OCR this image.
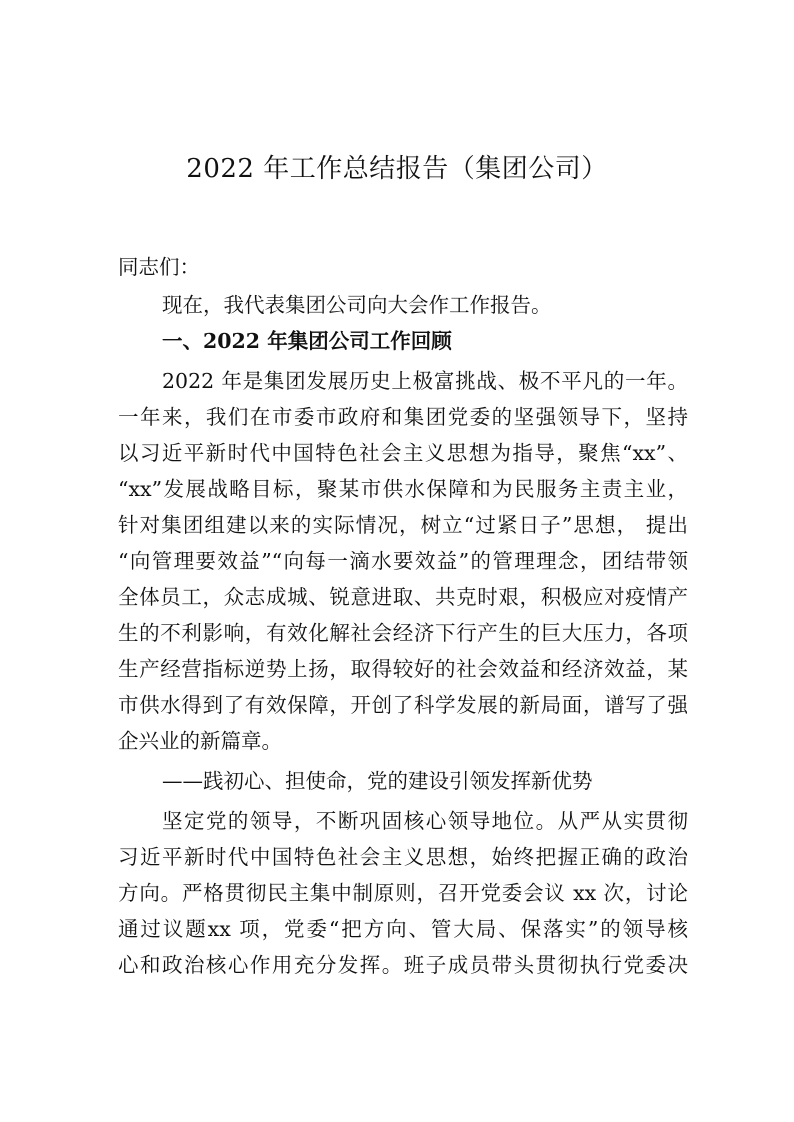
2022 年工作总结报告（集团公司）
同志们：
现在，我代表集团公司向大会作工作报告。
一、2022 年集团公司工作回顾
2022 年是集团发展历史上极富挑战、极不平凡的一年。
一年来，我们在市委市政府和集团党委的坚强领导下，坚持
以习近平新时代中国特色社会主义思想为指导，聚焦“xx”、
“xx”发展战略目标，聚某市供水保障和为民服务主责主业，
针对集团组建以来的实际情况，树立“过紧日子”思想， 提出
“向管理要效益”“向每一滴水要效益”的管理理念，团结带领
全体员工，众志成城、锐意进取、共克时艰，积极应对疫情产
生的不利影响，有效化解社会经济下行产生的巨大压力，各项
生产经营指标逆势上扬，取得较好的社会效益和经济效益，某
市供水得到了有效保障，开创了科学发展的新局面，谱写了强
企兴业的新篇章。
——践初心、担使命，党的建设引领发挥新优势
坚定党的领导，不断巩固核心领导地位。从严从实贯彻
习近平新时代中国特色社会主义思想，始终把握正确的政治
方向。严格贯彻民主集中制原则，召开党委会议 xx 次，讨论
通过议题xx 项，党委“把方向、管大局、保落实”的领导核
心和政治核心作用充分发挥。班子成员带头贯彻执行党委决
